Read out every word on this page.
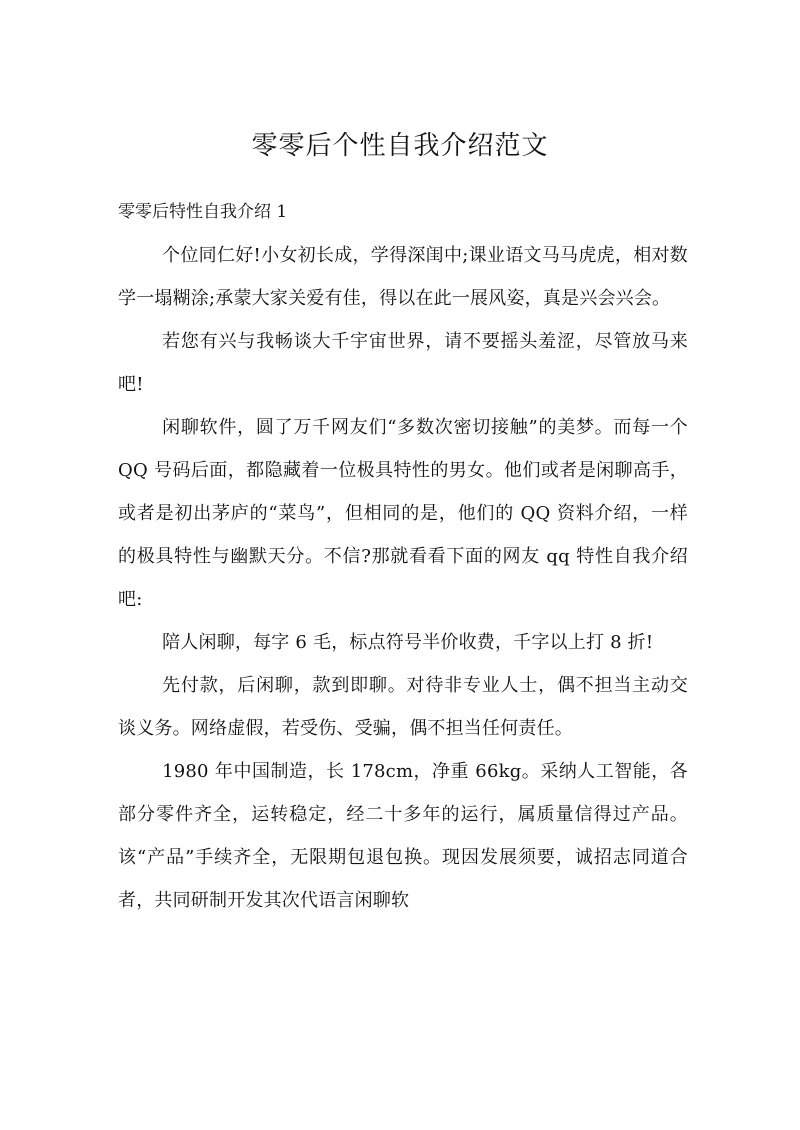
零零后个性自我介绍范文
零零后特性自我介绍 1

个位同仁好!小女初长成，学得深闺中;课业语文马马虎虎，相对数学一塌糊涂;承蒙大家关爱有佳，得以在此一展风姿，真是兴会兴会。

若您有兴与我畅谈大千宇宙世界，请不要摇头羞涩，尽管放马来吧!

闲聊软件，圆了万千网友们“多数次密切接触”的美梦。而每一个 QQ 号码后面，都隐藏着一位极具特性的男女。他们或者是闲聊高手，或者是初出茅庐的“菜鸟”，但相同的是，他们的 QQ 资料介绍，一样的极具特性与幽默天分。不信?那就看看下面的网友 qq 特性自我介绍吧:

陪人闲聊，每字 6 毛，标点符号半价收费，千字以上打 8 折!

先付款，后闲聊，款到即聊。对待非专业人士，偶不担当主动交谈义务。网络虚假，若受伤、受骗，偶不担当任何责任。

1980 年中国制造，长 178cm，净重 66kg。采纳人工智能，各部分零件齐全，运转稳定，经二十多年的运行，属质量信得过产品。该“产品”手续齐全，无限期包退包换。现因发展须要，诚招志同道合者，共同研制开发其次代语言闲聊软
